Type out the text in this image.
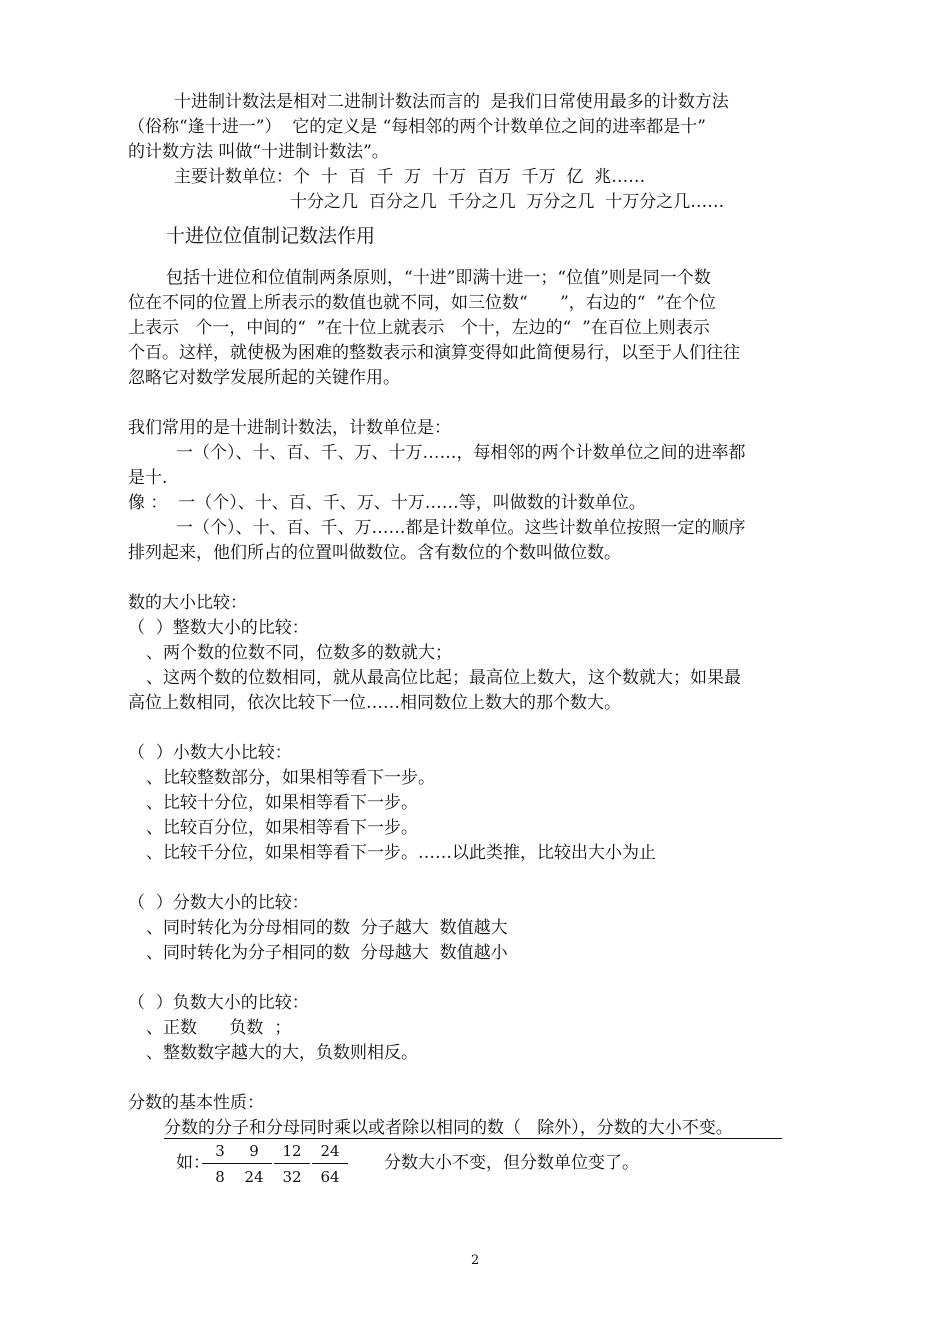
十进制计数法是相对二进制计数法而言的  是我们日常使用最多的计数方法
（俗称“逢十进一”）  它的定义是 “每相邻的两个计数单位之间的进率都是十”
的计数方法 叫做“十进制计数法”。
主要计数单位：个  十  百  千  万  十万  百万  千万  亿  兆……
十分之几  百分之几  千分之几  万分之几  十万分之几……
十进位位值制记数法作用
包括十进位和位值制两条原则，“十进”即满十进一；“位值”则是同一个数
位在不同的位置上所表示的数值也就不同，如三位数“      ”，右边的“  ”在个位
上表示   个一，中间的“  ”在十位上就表示   个十，左边的“  ”在百位上则表示
个百。这样，就使极为困难的整数表示和演算变得如此简便易行，以至于人们往往
忽略它对数学发展所起的关键作用。
我们常用的是十进制计数法，计数单位是：
一（个）、十、百、千、万、十万……，每相邻的两个计数单位之间的进率都
是十.
像 ：  一（个）、十、百、千、万、十万……等，叫做数的计数单位。
一（个）、十、百、千、万……都是计数单位。这些计数单位按照一定的顺序
排列起来，他们所占的位置叫做数位。含有数位的个数叫做位数。
数的大小比较：
（  ）整数大小的比较：
、两个数的位数不同，位数多的数就大；
、这两个数的位数相同，就从最高位比起；最高位上数大，这个数就大；如果最
高位上数相同，依次比较下一位……相同数位上数大的那个数大。
（  ）小数大小比较：
、比较整数部分，如果相等看下一步。
、比较十分位，如果相等看下一步。
、比较百分位，如果相等看下一步。
、比较千分位，如果相等看下一步。……以此类推，比较出大小为止
（  ）分数大小的比较：
、同时转化为分母相同的数  分子越大  数值越大
、同时转化为分子相同的数  分母越大  数值越小
（  ）负数大小的比较：
、正数      负数  ；
、整数数字越大的大，负数则相反。
分数的基本性质：
分数的分子和分母同时乘以或者除以相同的数（   除外），分数的大小不变。
如：
$\frac{3}{8}$
$\frac{9}{24} \frac{12}{32} \frac{24}{64}$ 分数大小不变，但分数单位变了。
2
